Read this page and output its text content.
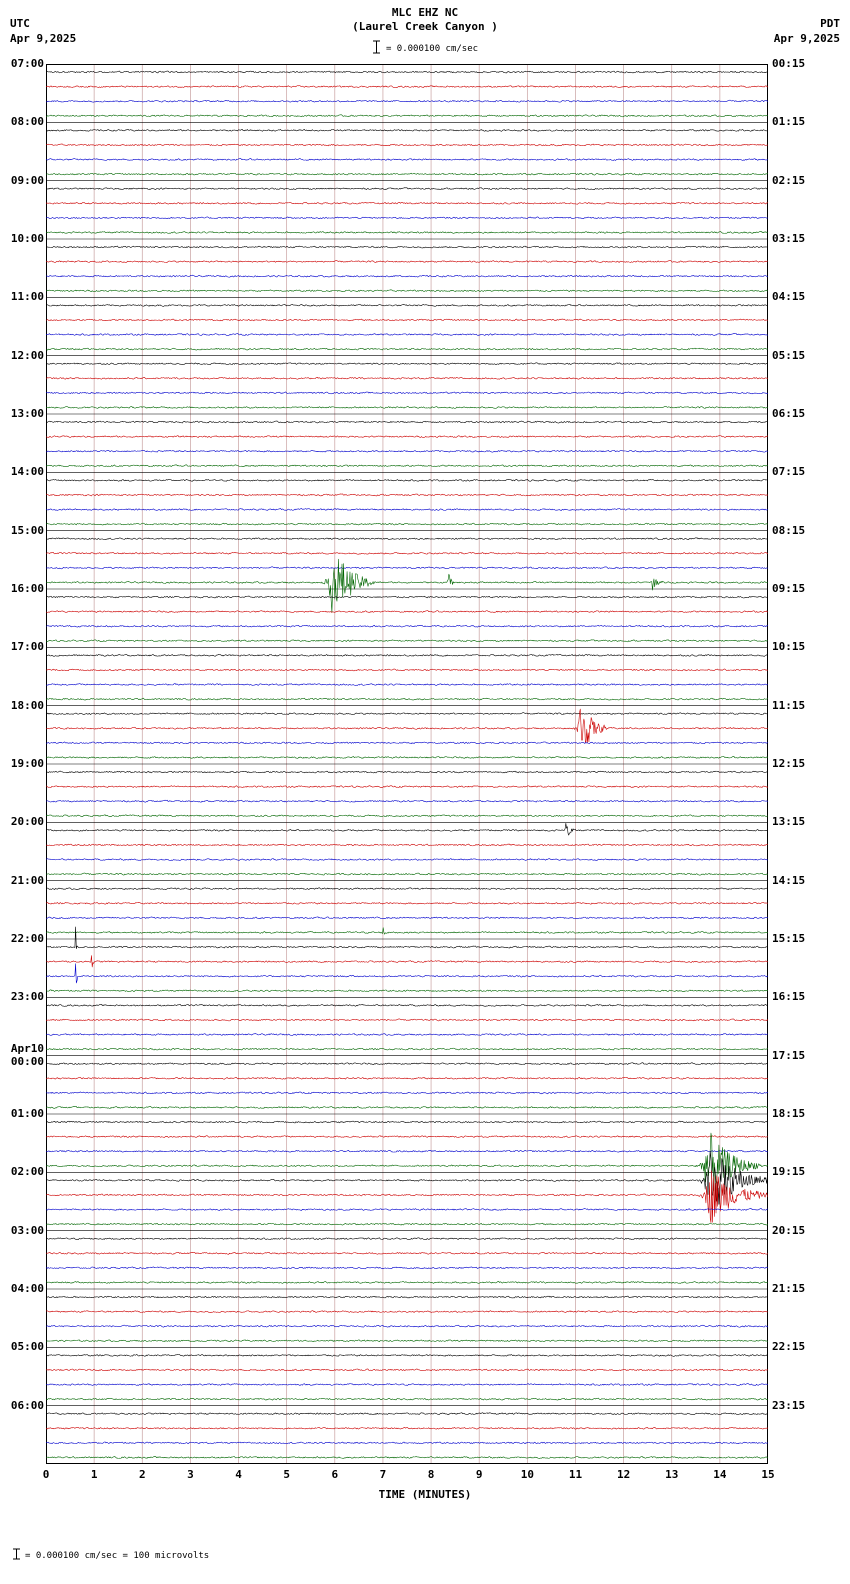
UTC
Apr 9,2025
MLC EHZ NC
(Laurel Creek Canyon )	PDT
Apr 9,2025
= 0.000100 cm/sec
07:00	00:15
08:00	01:15
09:00	02:15
10:00	03:15
11:00	04:15
12:00	05:15
13:00	06:15
14:00	07:15
15:00	08:15
16:00	09:15
17:00	10:15
18:00	11:15
19:00	12:15
20:00	13:15
21:00	14:15
22:00	15:15
23:00	16:15
Apr10
00:00	17:15
01:00	18:15
02:00	19:15
03:00	20:15
04:00	21:15
05:00	22:15
06:00	23:15
0	1	2	3	4	5	6	7	8	9	10	11	12	13	14	15
TIME (MINUTES)
= 0.000100 cm/sec = 100 microvolts
